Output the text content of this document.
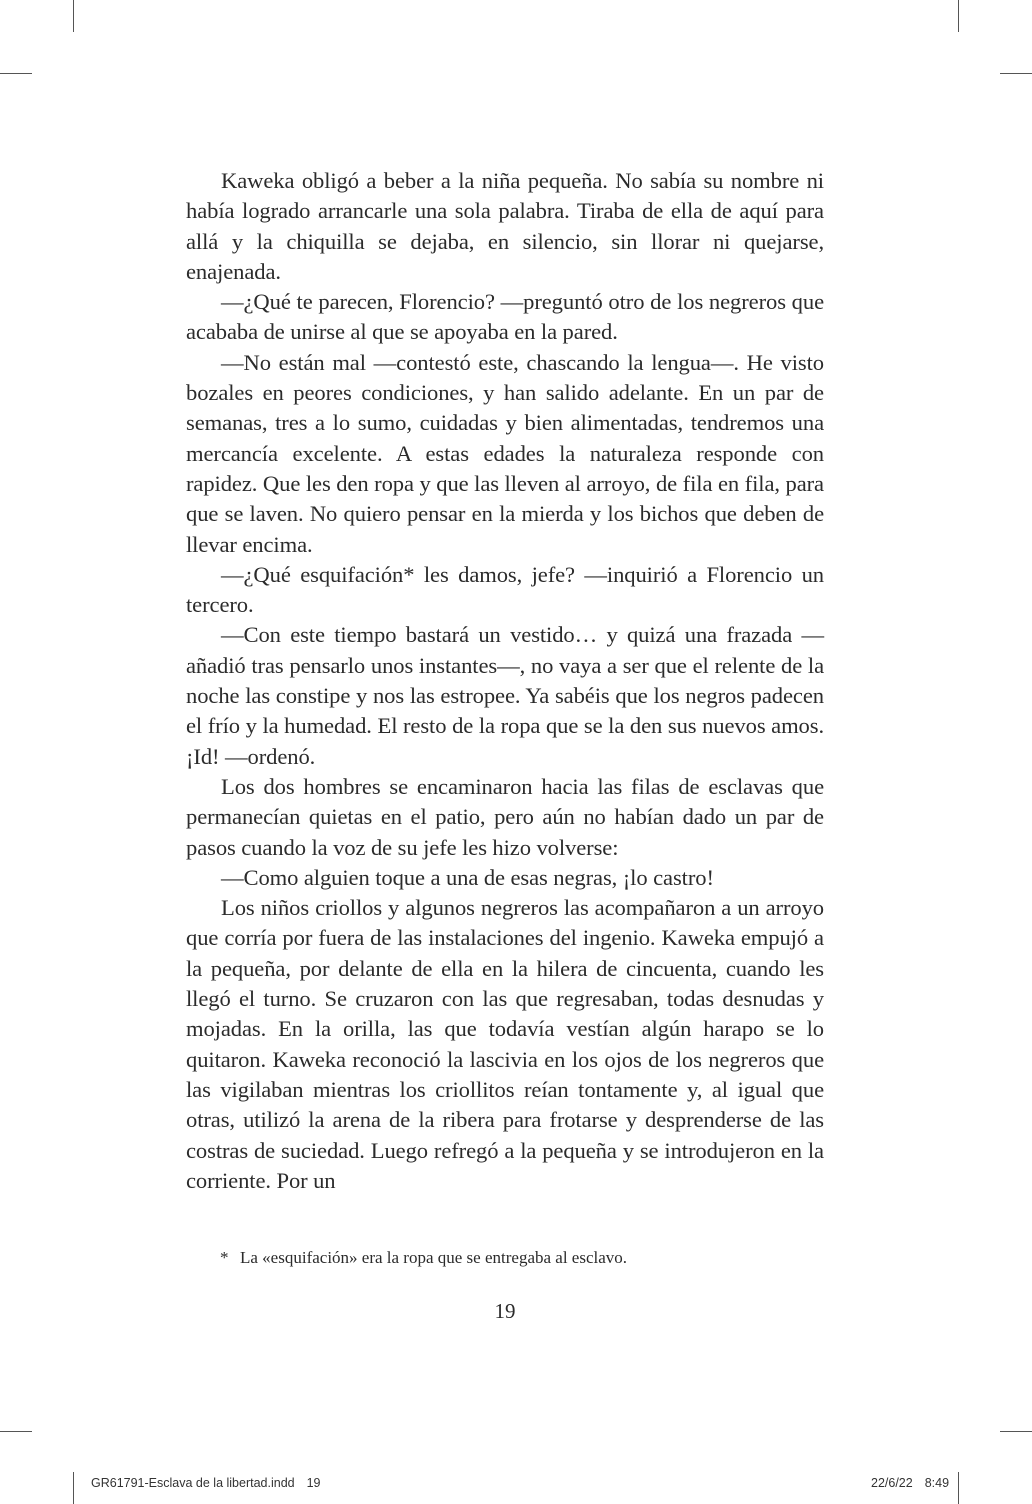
Kaweka obligó a beber a la niña pequeña. No sabía su nombre ni había logrado arrancarle una sola palabra. Tiraba de ella de aquí para allá y la chiquilla se dejaba, en silencio, sin llorar ni quejarse, enajenada.

—¿Qué te parecen, Florencio? —preguntó otro de los negreros que acababa de unirse al que se apoyaba en la pared.

—No están mal —contestó este, chascando la lengua—. He visto bozales en peores condiciones, y han salido adelante. En un par de semanas, tres a lo sumo, cuidadas y bien alimentadas, tendremos una mercancía excelente. A estas edades la naturaleza responde con rapidez. Que les den ropa y que las lleven al arroyo, de fila en fila, para que se laven. No quiero pensar en la mierda y los bichos que deben de llevar encima.

—¿Qué esquifación* les damos, jefe? —inquirió a Florencio un tercero.

—Con este tiempo bastará un vestido… y quizá una frazada —añadió tras pensarlo unos instantes—, no vaya a ser que el relente de la noche las constipe y nos las estropee. Ya sabéis que los negros padecen el frío y la humedad. El resto de la ropa que se la den sus nuevos amos. ¡Id! —ordenó.

Los dos hombres se encaminaron hacia las filas de esclavas que permanecían quietas en el patio, pero aún no habían dado un par de pasos cuando la voz de su jefe les hizo volverse:

—Como alguien toque a una de esas negras, ¡lo castro!

Los niños criollos y algunos negreros las acompañaron a un arroyo que corría por fuera de las instalaciones del ingenio. Kaweka empujó a la pequeña, por delante de ella en la hilera de cincuenta, cuando les llegó el turno. Se cruzaron con las que regresaban, todas desnudas y mojadas. En la orilla, las que todavía vestían algún harapo se lo quitaron. Kaweka reconoció la lascivia en los ojos de los negreros que las vigilaban mientras los criollitos reían tontamente y, al igual que otras, utilizó la arena de la ribera para frotarse y desprenderse de las costras de suciedad. Luego refregó a la pequeña y se introdujeron en la corriente. Por un

* La «esquifación» era la ropa que se entregaba al esclavo.
19
GR61791-Esclava de la libertad.indd 19	22/6/22 8:49
